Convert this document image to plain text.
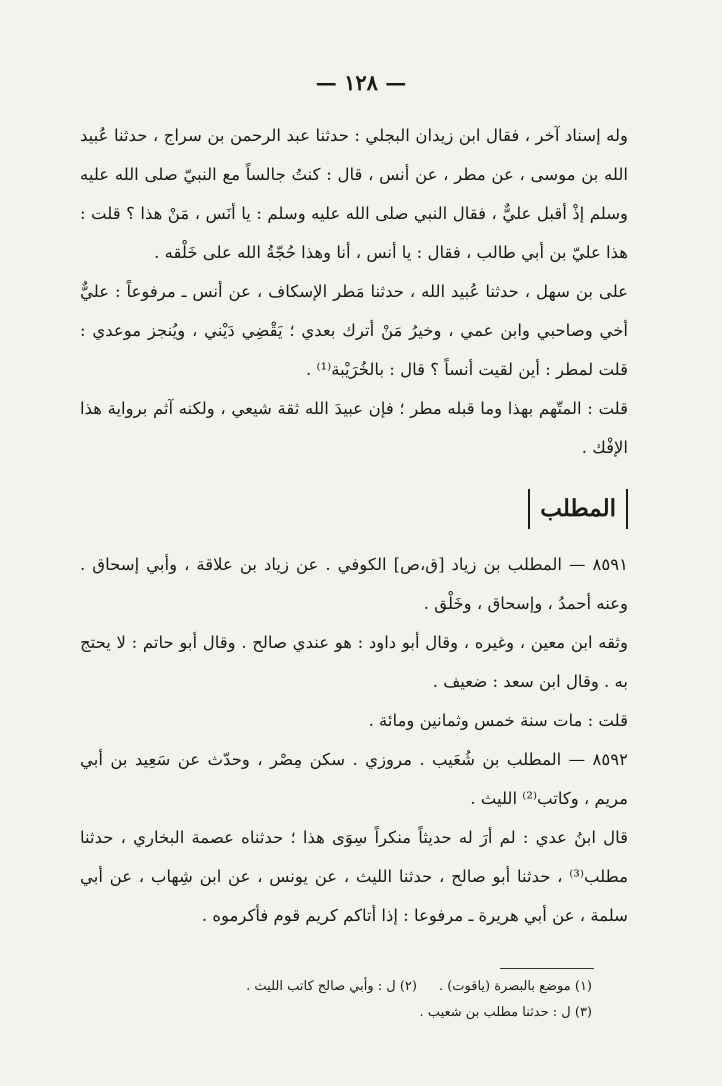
— ١٢٨ —

وله إسناد آخر ، فقال ابن زيدان البجلي : حدثنا عبد الرحمن بن سراج ، حدثنا عُبيد الله بن موسى ، عن مطر ، عن أنس ، قال : كنتُ جالساً مع النبيّ صلى الله عليه وسلم إذْ أقبل عليٌّ ، فقال النبي صلى الله عليه وسلم : يا أنَس ، مَنْ هذا ؟ قلت : هذا عليّ بن أبي طالب ، فقال : يا أنس ، أنا وهذا حُجّةُ الله على خَلْقه .

على بن سهل ، حدثنا عُبيد الله ، حدثنا مَطر الإسكاف ، عن أنس ـ مرفوعاً : عليٌّ أخي وصاحبي وابن عمي ، وخيرُ مَنْ أترك بعدي ؛ يَقْضِي دَيْني ، ويُنجز موعدي : قلت لمطر : أين لقيت أنساً ؟ قال : بالخُرَيْبة⁽¹⁾ .

قلت : المتّهم بهذا وما قبله مطر ؛ فإن عبيدَ الله ثقة شيعي ، ولكنه آثم برواية هذا الإفْك .

المطلب

٨٥٩١ — المطلب بن زياد [ق،ص] الكوفي . عن زياد بن علاقة ، وأبي إسحاق . وعنه أحمدُ ، وإسحاق ، وخَلْق .

وثقه ابن معين ، وغيره ، وقال أبو داود : هو عندي صالح . وقال أبو حاتم : لا يحتج به . وقال ابن سعد : ضعيف .

قلت : مات سنة خمس وثمانين ومائة .

٨٥٩٢ — المطلب بن شُعَيب . مروزي . سكن مِصْر ، وحدّث عن سَعِيد بن أبي مريم ، وكاتب⁽²⁾ الليث .

قال ابنُ عدي : لم أرَ له حديثاً منكراً سِوَى هذا ؛ حدثناه عصمة البخاري ، حدثنا مطلب⁽³⁾ ، حدثنا أبو صالح ، حدثنا الليث ، عن يونس ، عن ابن شِهاب ، عن أبي سلمة ، عن أبي هريرة ـ مرفوعا : إذا أتاكم كريم قوم فأكرموه .

(١) موضع بالبصرة (ياقوت) .(٢) ل : وأبي صالح كاتب الليث .

(٣) ل : حدثنا مطلب بن شعيب .
